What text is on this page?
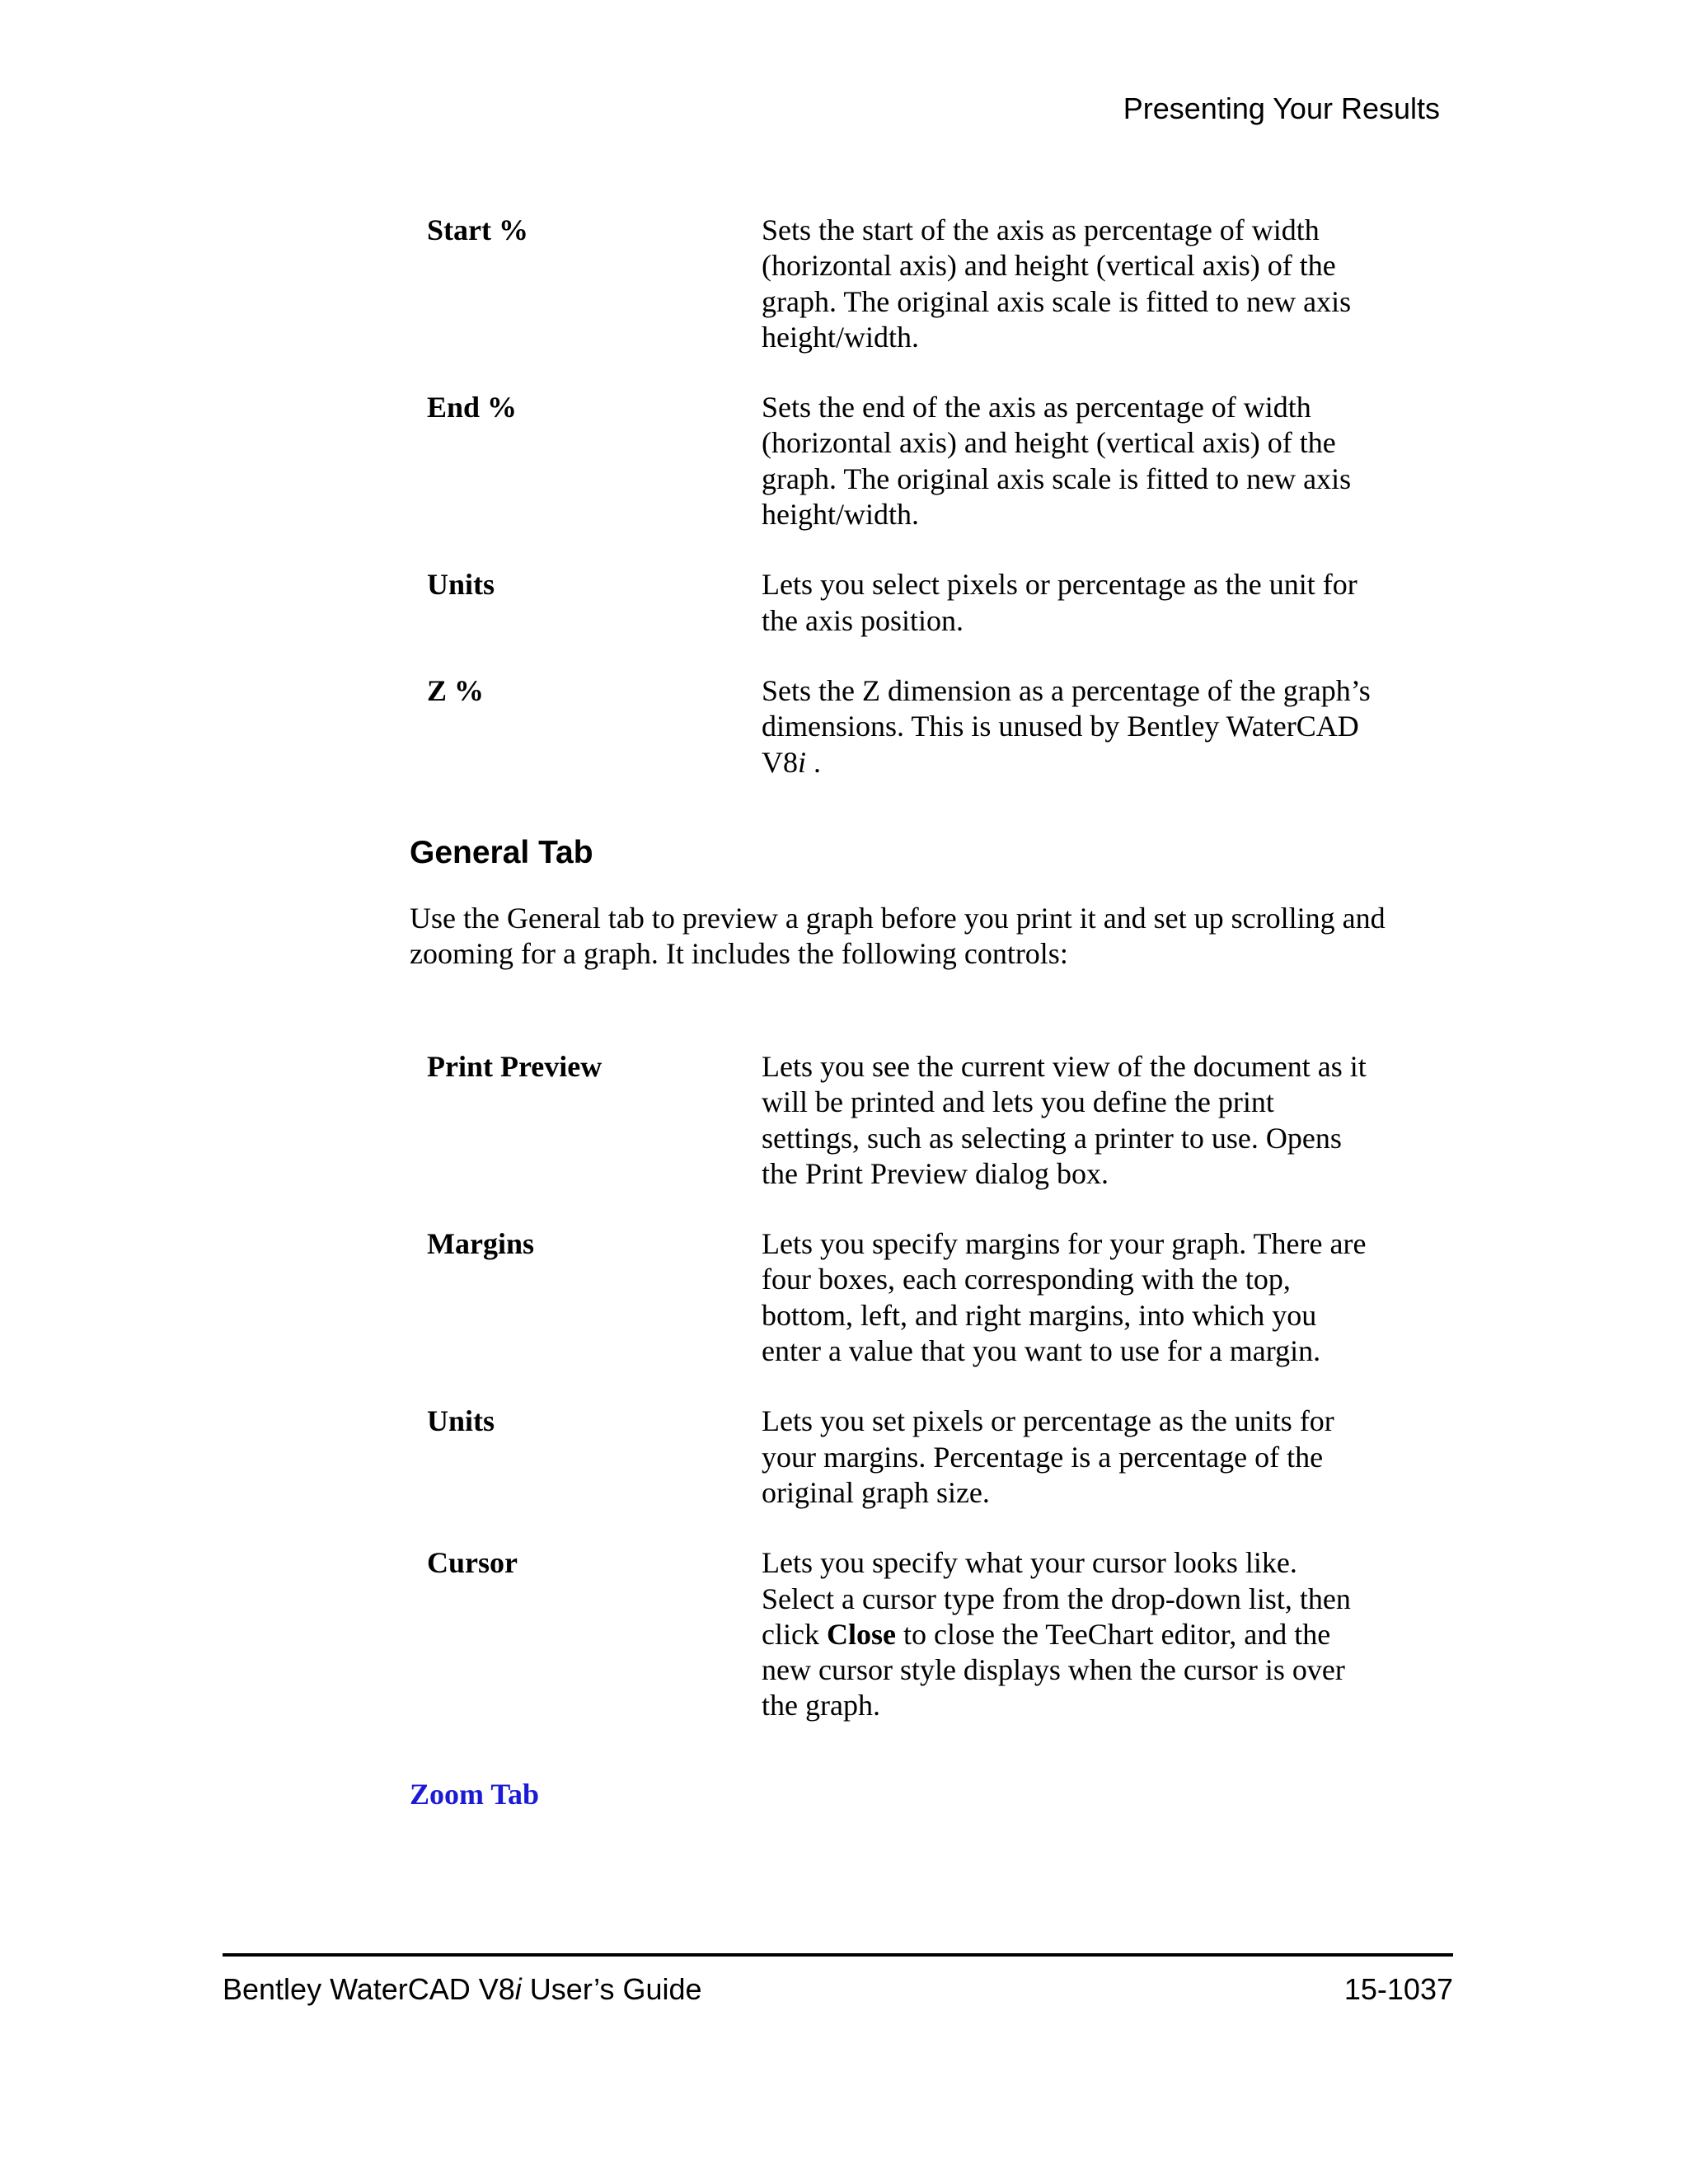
Presenting Your Results
Start %	Sets the start of the axis as percentage of width (horizontal axis) and height (vertical axis) of the graph. The original axis scale is fitted to new axis height/width.
End %	Sets the end of the axis as percentage of width (horizontal axis) and height (vertical axis) of the graph. The original axis scale is fitted to new axis height/width.
Units	Lets you select pixels or percentage as the unit for the axis position.
Z %	Sets the Z dimension as a percentage of the graph’s dimensions. This is unused by Bentley WaterCAD V8i .
General Tab
Use the General tab to preview a graph before you print it and set up scrolling and zooming for a graph. It includes the following controls:
Print Preview	Lets you see the current view of the document as it will be printed and lets you define the print settings, such as selecting a printer to use. Opens the Print Preview dialog box.
Margins	Lets you specify margins for your graph. There are four boxes, each corresponding with the top, bottom, left, and right margins, into which you enter a value that you want to use for a margin.
Units	Lets you set pixels or percentage as the units for your margins. Percentage is a percentage of the original graph size.
Cursor	Lets you specify what your cursor looks like. Select a cursor type from the drop-down list, then click Close to close the TeeChart editor, and the new cursor style displays when the cursor is over the graph.
Zoom Tab
Bentley WaterCAD V8i User’s Guide	15-1037
